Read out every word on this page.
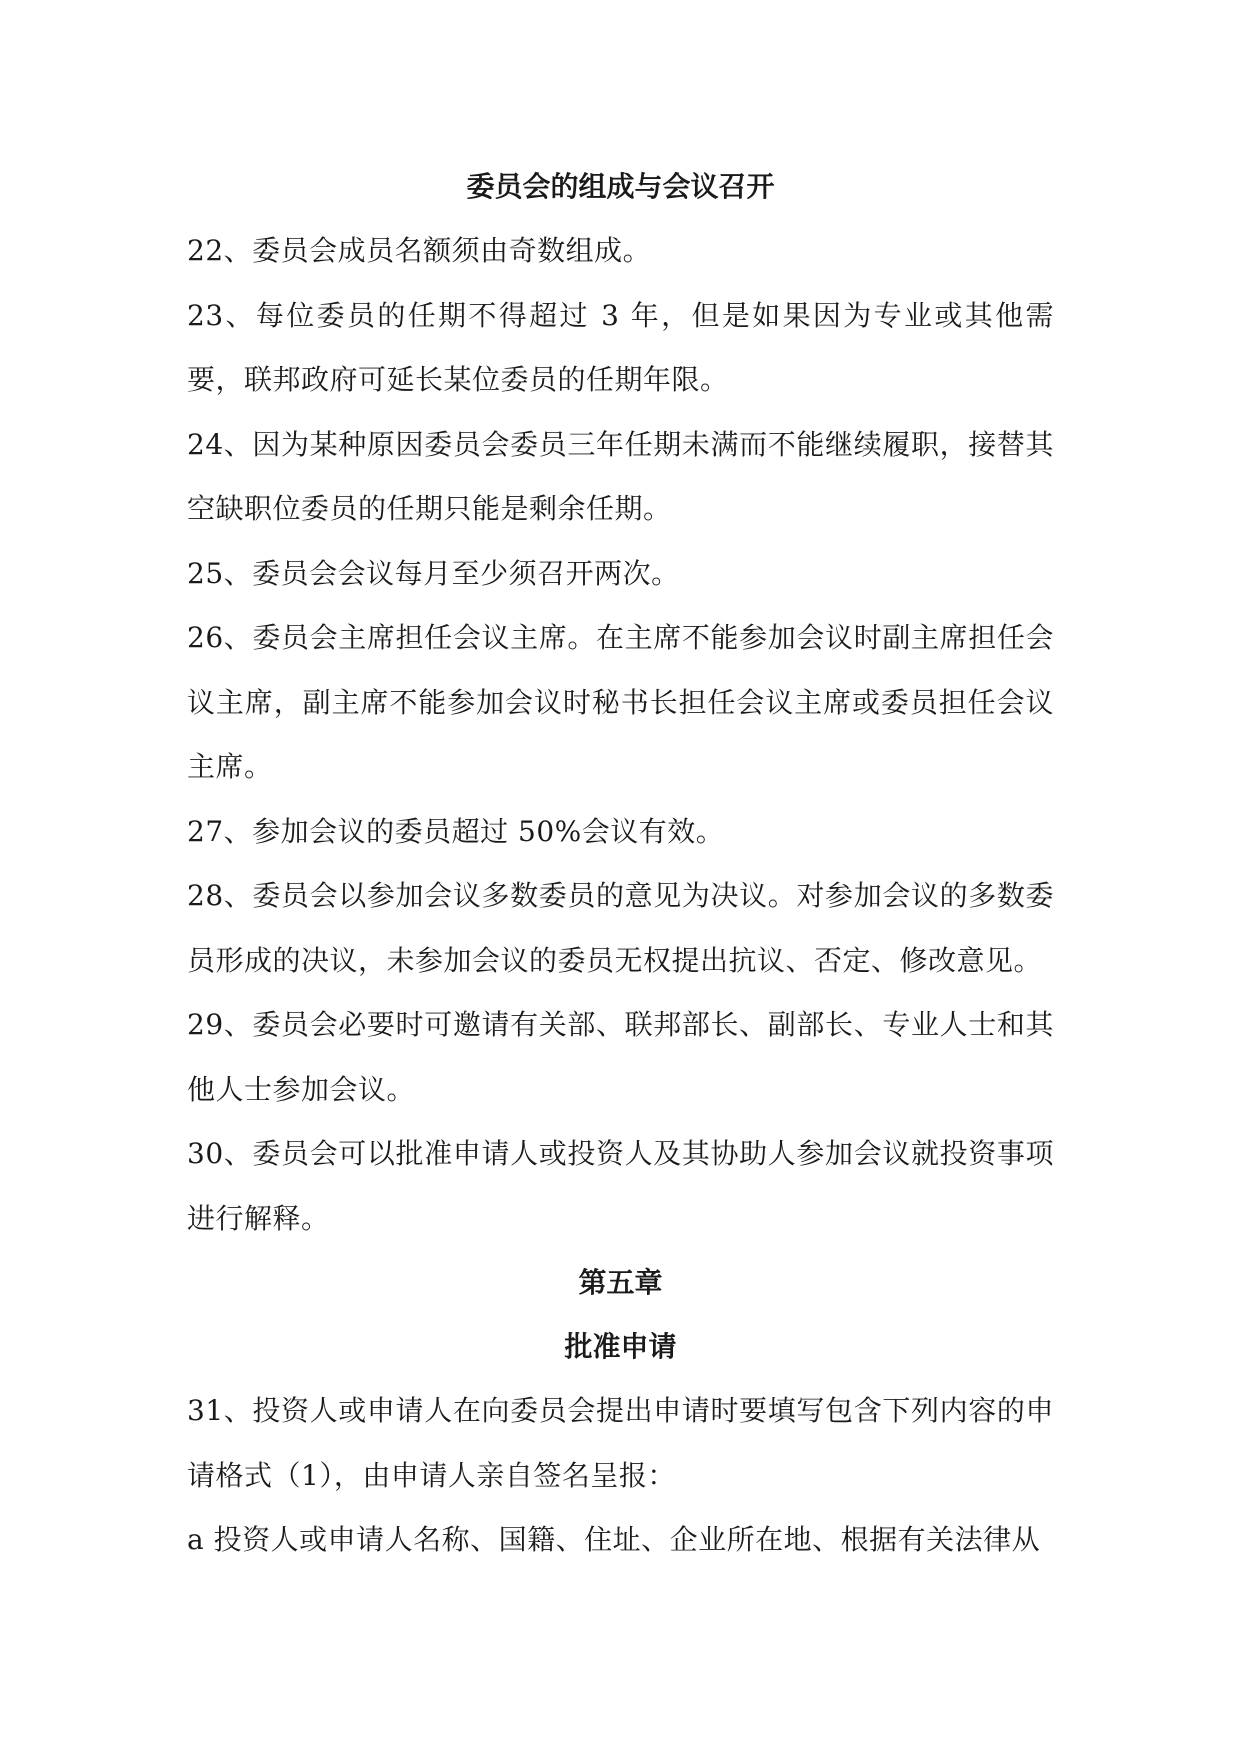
委员会的组成与会议召开

22、委员会成员名额须由奇数组成。

23、每位委员的任期不得超过 3 年，但是如果因为专业或其他需要，联邦政府可延长某位委员的任期年限。

24、因为某种原因委员会委员三年任期未满而不能继续履职，接替其空缺职位委员的任期只能是剩余任期。

25、委员会会议每月至少须召开两次。

26、委员会主席担任会议主席。在主席不能参加会议时副主席担任会议主席，副主席不能参加会议时秘书长担任会议主席或委员担任会议主席。

27、参加会议的委员超过 50%会议有效。

28、委员会以参加会议多数委员的意见为决议。对参加会议的多数委员形成的决议，未参加会议的委员无权提出抗议、否定、修改意见。

29、委员会必要时可邀请有关部、联邦部长、副部长、专业人士和其他人士参加会议。

30、委员会可以批准申请人或投资人及其协助人参加会议就投资事项进行解释。

第五章

批准申请

31、投资人或申请人在向委员会提出申请时要填写包含下列内容的申请格式（1），由申请人亲自签名呈报：

a 投资人或申请人名称、国籍、住址、企业所在地、根据有关法律从
